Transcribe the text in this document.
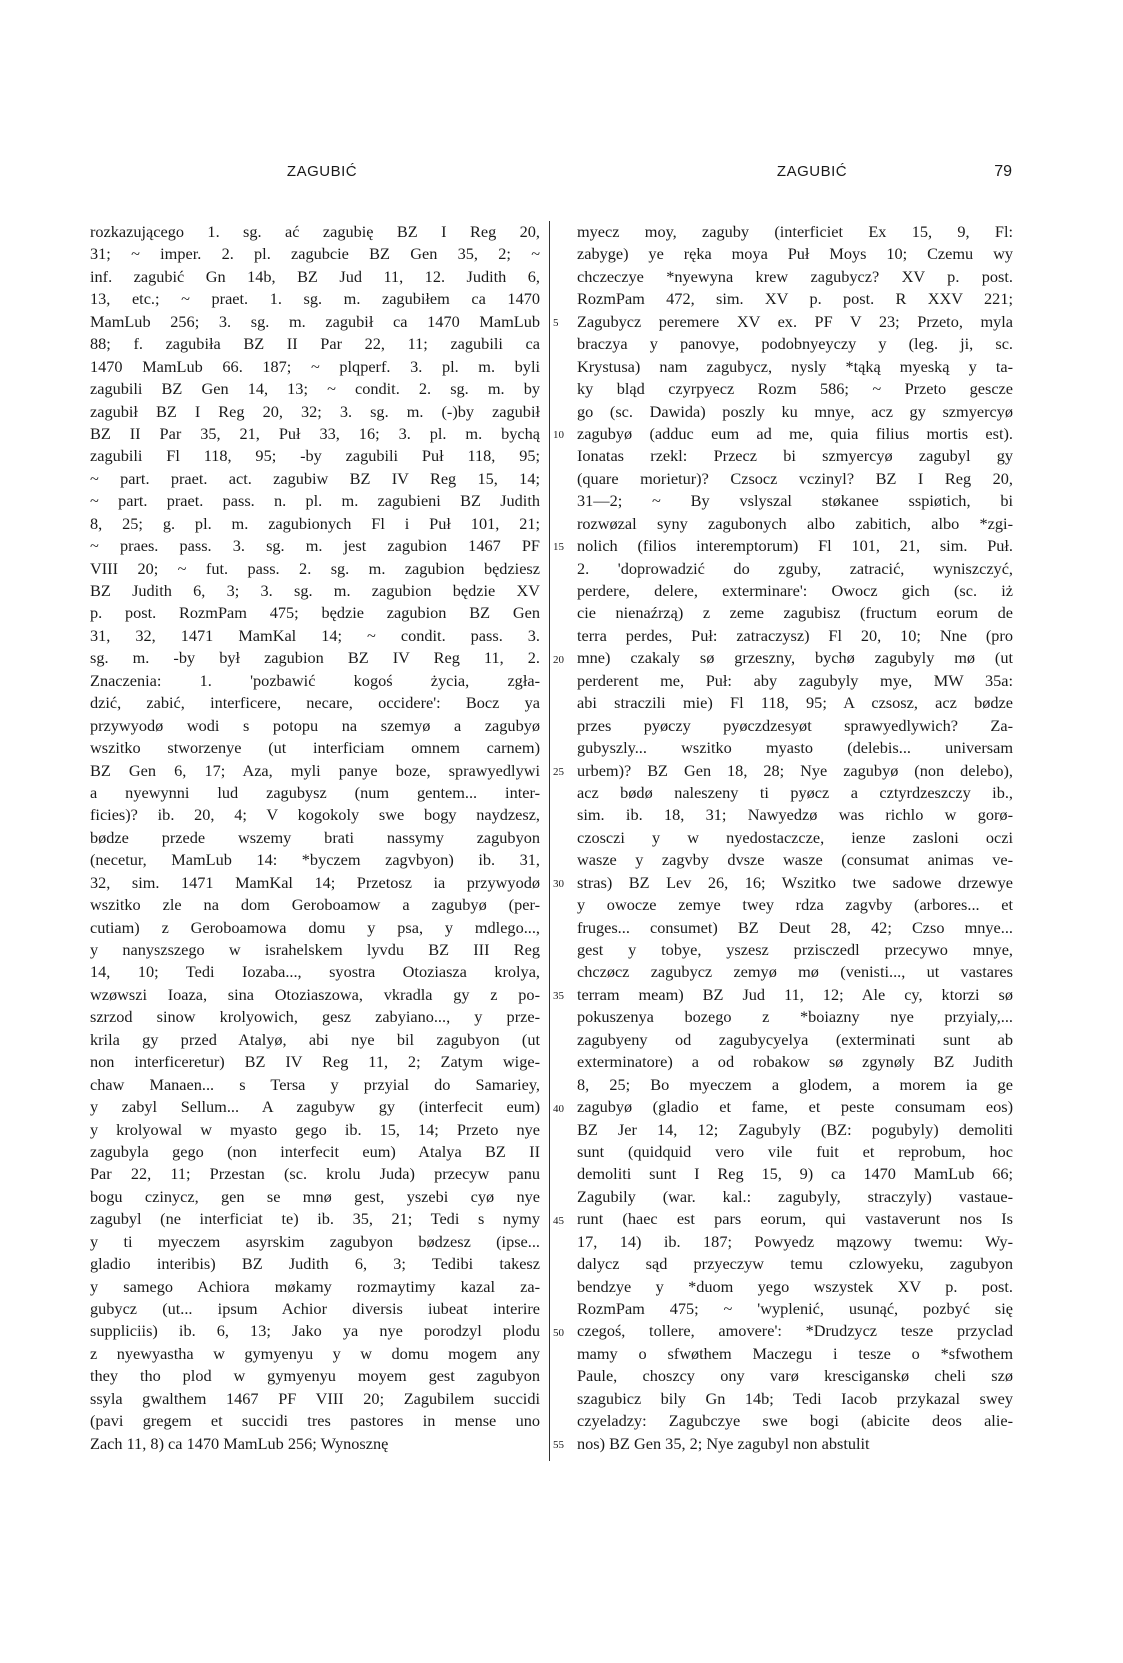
ZAGUBIĆ	ZAGUBIĆ	79

rozkazującego 1. sg. ać zagubię BZ I Reg 20,

31; ~ imper. 2. pl. zagubcie BZ Gen 35, 2; ~

inf. zagubić Gn 14b, BZ Jud 11, 12. Judith 6,

13, etc.; ~ praet. 1. sg. m. zagubiłem ca 1470

MamLub 256; 3. sg. m. zagubił ca 1470 MamLub

88; f. zagubiła BZ II Par 22, 11; zagubili ca

1470 MamLub 66. 187; ~ plqperf. 3. pl. m. byli

zagubili BZ Gen 14, 13; ~ condit. 2. sg. m. by

zagubił BZ I Reg 20, 32; 3. sg. m. (-)by zagubił

BZ II Par 35, 21, Puł 33, 16; 3. pl. m. bychą

zagubili Fl 118, 95; -by zagubili Puł 118, 95;

~ part. praet. act. zagubiw BZ IV Reg 15, 14;

~ part. praet. pass. n. pl. m. zagubieni BZ Judith

8, 25; g. pl. m. zagubionych Fl i Puł 101, 21;

~ praes. pass. 3. sg. m. jest zagubion 1467 PF

VIII 20; ~ fut. pass. 2. sg. m. zagubion będziesz

BZ Judith 6, 3; 3. sg. m. zagubion będzie XV

p. post. RozmPam 475; będzie zagubion BZ Gen

31, 32, 1471 MamKal 14; ~ condit. pass. 3.

sg. m. -by był zagubion BZ IV Reg 11, 2.

Znaczenia: 1. 'pozbawić kogoś życia, zgła-

dzić, zabić, interficere, necare, occidere': Bocz ya

przywyodø wodi s potopu na szemyø a zagubyø

wszitko stworzenye (ut interficiam omnem carnem)

BZ Gen 6, 17; Aza, myli panye boze, sprawyedlywi

a nyewynni lud zagubysz (num gentem... inter-

ficies)? ib. 20, 4; V kogokoly swe bogy naydzesz,

bødze przede wszemy brati nassymy zagubyon

(necetur, MamLub 14: *byczem zagvbyon) ib. 31,

32, sim. 1471 MamKal 14; Przetosz ia przywyodø

wszitko zle na dom Geroboamow a zagubyø (per-

cutiam) z Geroboamowa domu y psa, y mdlego...,

y nanyszszego w israhelskem lyvdu BZ III Reg

14, 10; Tedi Iozaba..., syostra Otoziasza krolya,

wzøwszi Ioaza, sina Otoziaszowa, vkradla gy z po-

szrzod sinow krolyowich, gesz zabyiano..., y prze-

krila gy przed Atalyø, abi nye bil zagubyon (ut

non interficeretur) BZ IV Reg 11, 2; Zatym wige-

chaw Manaen... s Tersa y przyial do Samariey,

y zabyl Sellum... A zagubyw gy (interfecit eum)

y krolyowal w myasto gego ib. 15, 14; Przeto nye

zagubyla gego (non interfecit eum) Atalya BZ II

Par 22, 11; Przestan (sc. krolu Juda) przecyw panu

bogu czinycz, gen se mnø gest, yszebi cyø nye

zagubyl (ne interficiat te) ib. 35, 21; Tedi s nymy

y ti myeczem asyrskim zagubyon bødzesz (ipse...

gladio interibis) BZ Judith 6, 3; Tedibi takesz

y samego Achiora møkamy rozmaytimy kazal za-

gubycz (ut... ipsum Achior diversis iubeat interire

suppliciis) ib. 6, 13; Jako ya nye porodzyl plodu

z nyewyastha w gymyenyu y w domu mogem any

they tho plod w gymyenyu moyem gest zagubyon

ssyla gwalthem 1467 PF VIII 20; Zagubilem succidi

(pavi gregem et succidi tres pastores in mense uno

Zach 11, 8) ca 1470 MamLub 256; Wynosznę

5
10
15
20
25
30
35
40
45
50
55

myecz moy, zaguby (interficiet Ex 15, 9, Fl:

zabyge) ye ręka moya Puł Moys 10; Czemu wy

chczeczye *nyewyna krew zagubycz? XV p. post.

RozmPam 472, sim. XV p. post. R XXV 221;

Zagubycz peremere XV ex. PF V 23; Przeto, myla

braczya y panovye, podobnyeyczy y (leg. ji, sc.

Krystusa) nam zagubycz, nysly *tąką myeską y ta-

ky bląd czyrpyecz Rozm 586; ~ Przeto gescze

go (sc. Dawida) poszly ku mnye, acz gy szmyercyø

zagubyø (adduc eum ad me, quia filius mortis est).

Ionatas rzekl: Przecz bi szmyercyø zagubyl gy

(quare morietur)? Czsocz vczinyl? BZ I Reg 20,

31—2; ~ By vslyszal støkanee sspiøtich, bi

rozwøzal syny zagubonych albo zabitich, albo *zgi-

nolich (filios interemptorum) Fl 101, 21, sim. Puł.

2. 'doprowadzić do zguby, zatracić, wyniszczyć,

perdere, delere, exterminare': Owocz gich (sc. iż

cie nienaźrzą) z zeme zagubisz (fructum eorum de

terra perdes, Puł: zatraczysz) Fl 20, 10; Nne (pro

mne) czakaly sø grzeszny, bychø zagubyly mø (ut

perderent me, Puł: aby zagubyly mye, MW 35a:

abi straczili mie) Fl 118, 95; A czsosz, acz bødze

przes pyøczy pyøczdzesyøt sprawyedlywich? Za-

gubyszly... wszitko myasto (delebis... universam

urbem)? BZ Gen 18, 28; Nye zagubyø (non delebo),

acz bødø naleszeny ti pyøcz a cztyrdzeszczy ib.,

sim. ib. 18, 31; Nawyedzø was richlo w gorø-

czosczi y w nyedostaczcze, ienze zasloni oczi

wasze y zagvby dvsze wasze (consumat animas ve-

stras) BZ Lev 26, 16; Wszitko twe sadowe drzewye

y owocze zemye twey rdza zagvby (arbores... et

fruges... consumet) BZ Deut 28, 42; Czso mnye...

gest y tobye, yszesz przisczedl przecywo mnye,

chczøcz zagubycz zemyø mø (venisti..., ut vastares

terram meam) BZ Jud 11, 12; Ale cy, ktorzi sø

pokuszenya bozego z *boiazny nye przyialy,...

zagubyeny od zagubycyelya (exterminati sunt ab

exterminatore) a od robakow sø zgynøly BZ Judith

8, 25; Bo myeczem a glodem, a morem ia ge

zagubyø (gladio et fame, et peste consumam eos)

BZ Jer 14, 12; Zagubyly (BZ: pogubyly) demoliti

sunt (quidquid vero vile fuit et reprobum, hoc

demoliti sunt I Reg 15, 9) ca 1470 MamLub 66;

Zagubily (war. kal.: zagubyly, straczyly) vastaue-

runt (haec est pars eorum, qui vastaverunt nos Is

17, 14) ib. 187; Powyedz mązowy twemu: Wy-

dalycz sąd przyeczyw temu czlowyeku, zagubyon

bendzye y *duom yego wszystek XV p. post.

RozmPam 475; ~ 'wyplenić, usunąć, pozbyć się

czegoś, tollere, amovere': *Drudzycz tesze przyclad

mamy o sfwøthem Maczegu i tesze o *sfwothem

Paule, choszcy ony varø kresciganskø cheli szø

szagubicz bily Gn 14b; Tedi Iacob przykazal swey

czyeladzy: Zagubczye swe bogi (abicite deos alie-

nos) BZ Gen 35, 2; Nye zagubyl non abstulit
